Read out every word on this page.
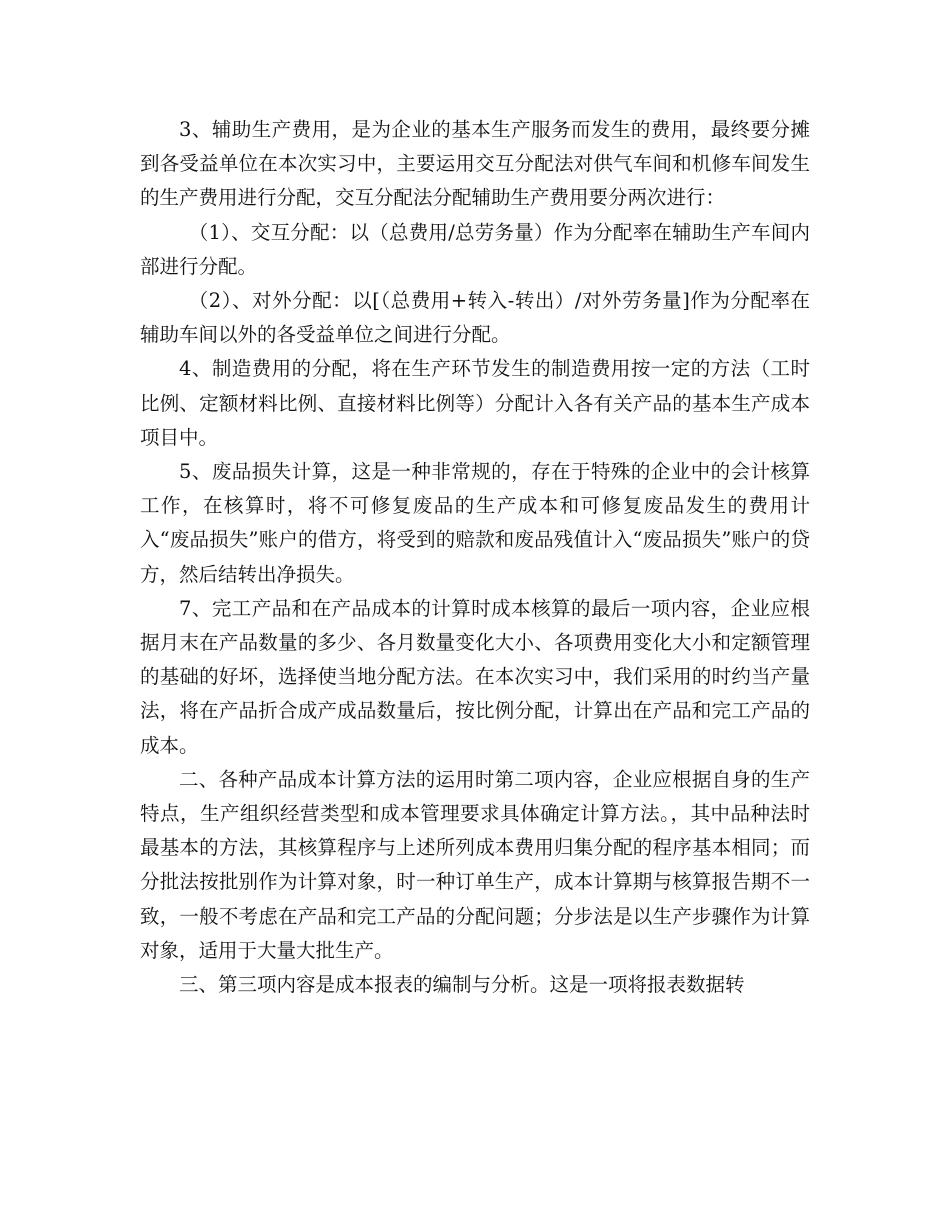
3、辅助生产费用，是为企业的基本生产服务而发生的费用，最终要分摊到各受益单位在本次实习中，主要运用交互分配法对供气车间和机修车间发生的生产费用进行分配，交互分配法分配辅助生产费用要分两次进行：

（1）、交互分配：以（总费用/总劳务量）作为分配率在辅助生产车间内部进行分配。

（2）、对外分配：以[（总费用+转入-转出）/对外劳务量]作为分配率在辅助车间以外的各受益单位之间进行分配。

4、制造费用的分配，将在生产环节发生的制造费用按一定的方法（工时比例、定额材料比例、直接材料比例等）分配计入各有关产品的基本生产成本项目中。

5、废品损失计算，这是一种非常规的，存在于特殊的企业中的会计核算工作，在核算时，将不可修复废品的生产成本和可修复废品发生的费用计入“废品损失”账户的借方，将受到的赔款和废品残值计入“废品损失”账户的贷方，然后结转出净损失。

7、完工产品和在产品成本的计算时成本核算的最后一项内容，企业应根据月末在产品数量的多少、各月数量变化大小、各项费用变化大小和定额管理的基础的好坏，选择使当地分配方法。在本次实习中，我们采用的时约当产量法，将在产品折合成产成品数量后，按比例分配，计算出在产品和完工产品的成本。

二、各种产品成本计算方法的运用时第二项内容，企业应根据自身的生产特点，生产组织经营类型和成本管理要求具体确定计算方法。，其中品种法时最基本的方法，其核算程序与上述所列成本费用归集分配的程序基本相同；而分批法按批别作为计算对象，时一种订单生产，成本计算期与核算报告期不一致，一般不考虑在产品和完工产品的分配问题；分步法是以生产步骤作为计算对象，适用于大量大批生产。

三、第三项内容是成本报表的编制与分析。这是一项将报表数据转
